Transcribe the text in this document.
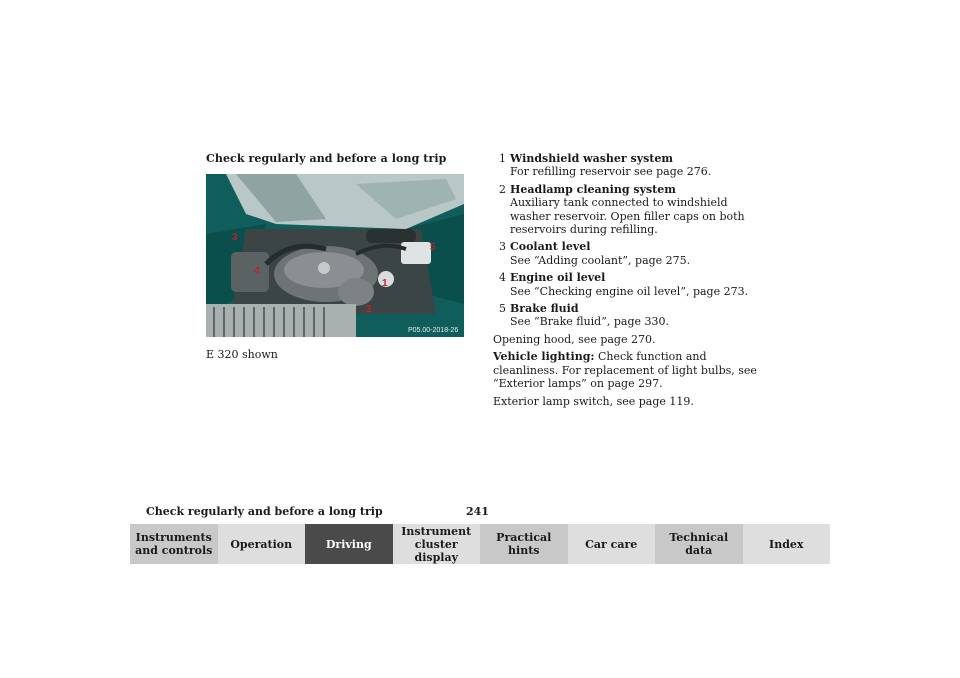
Check regularly and before a long trip
1
2
3
4
5
P05.00-2018-26
E 320 shown
1 Windshield washer system
For refilling reservoir see page 276.
2 Headlamp cleaning system
Auxiliary tank connected to windshield washer reservoir. Open filler caps on both reservoirs during refilling.
3 Coolant level
See “Adding coolant”, page 275.
4 Engine oil level
See “Checking engine oil level”, page 273.
5 Brake fluid
See “Brake fluid”, page 330.

Opening hood, see page 270.

Vehicle lighting: Check function and cleanliness. For replacement of light bulbs, see “Exterior lamps” on page 297.

Exterior lamp switch, see page 119.

Check regularly and before a long trip	241
Instruments
and controls Operation	Driving
Instrument
cluster display
Practical hints	Car care	Technical
data	Index
